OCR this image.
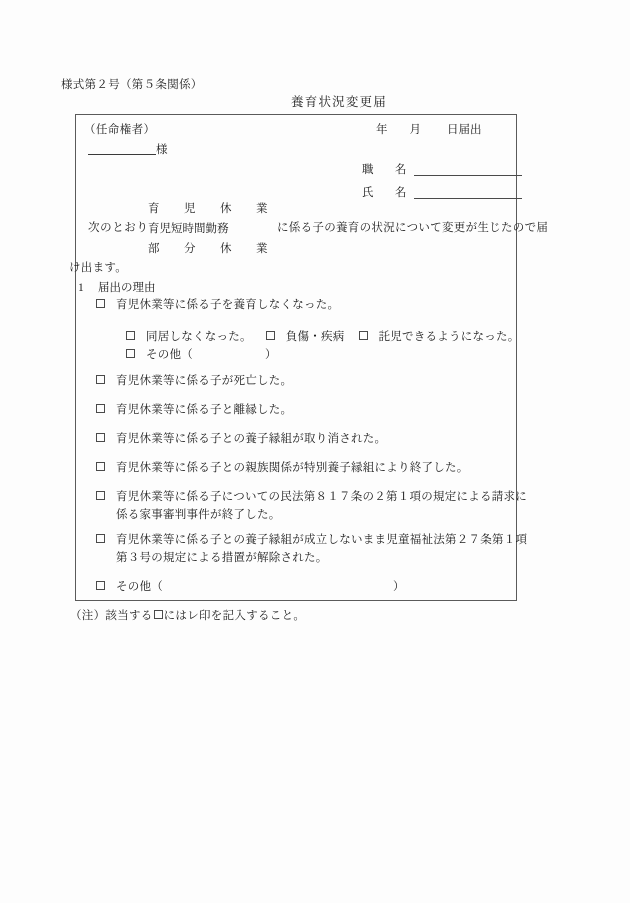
様式第２号（第５条関係）
養育状況変更届
（任命権者）
様
年 月 日届出
職　名
氏　名
次のとおり
育　児　休　業
育児短時間勤務
部　分　休　業
に係る子の養育の状況について変更が生じたので届
け出ます。
1 届出の理由
育児休業等に係る子を養育しなくなった。
同居しなくなった。	負傷・疾病	託児できるようになった。
その他（	）
育児休業等に係る子が死亡した。
育児休業等に係る子と離縁した。
育児休業等に係る子との養子縁組が取り消された。
育児休業等に係る子との親族関係が特別養子縁組により終了した。
育児休業等に係る子についての民法第８１７条の２第１項の規定による請求に
係る家事審判事件が終了した。
育児休業等に係る子との養子縁組が成立しないまま児童福祉法第２７条第１項
第３号の規定による措置が解除された。
その他（	）
（注）該当する にはレ印を記入すること。
